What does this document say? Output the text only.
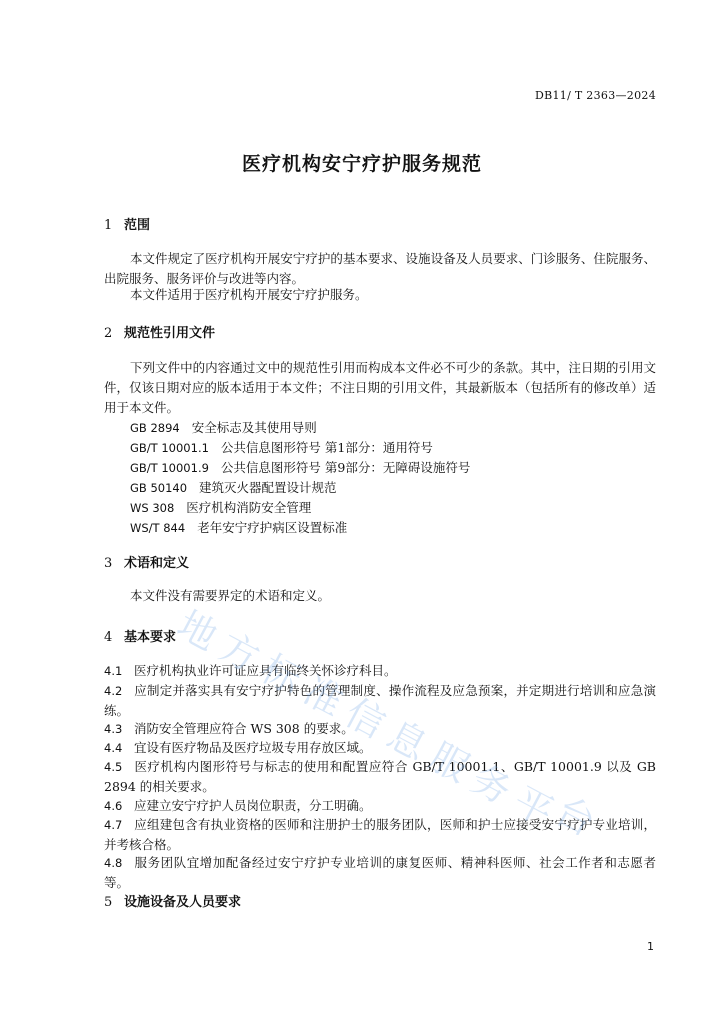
DB11/ T 2363—2024
医疗机构安宁疗护服务规范
1 范围
本文件规定了医疗机构开展安宁疗护的基本要求、设施设备及人员要求、门诊服务、住院服务、出院服务、服务评价与改进等内容。
本文件适用于医疗机构开展安宁疗护服务。
2 规范性引用文件
下列文件中的内容通过文中的规范性引用而构成本文件必不可少的条款。其中，注日期的引用文件，仅该日期对应的版本适用于本文件；不注日期的引用文件，其最新版本（包括所有的修改单）适用于本文件。
GB 2894 安全标志及其使用导则
GB/T 10001.1 公共信息图形符号 第1部分：通用符号
GB/T 10001.9 公共信息图形符号 第9部分：无障碍设施符号
GB 50140 建筑灭火器配置设计规范
WS 308 医疗机构消防安全管理
WS/T 844 老年安宁疗护病区设置标准
3 术语和定义
本文件没有需要界定的术语和定义。
4 基本要求
4.1 医疗机构执业许可证应具有临终关怀诊疗科目。
4.2 应制定并落实具有安宁疗护特色的管理制度、操作流程及应急预案，并定期进行培训和应急演练。
4.3 消防安全管理应符合 WS 308 的要求。
4.4 宜设有医疗物品及医疗垃圾专用存放区域。
4.5 医疗机构内图形符号与标志的使用和配置应符合 GB/T 10001.1、GB/T 10001.9 以及 GB 2894 的相关要求。
4.6 应建立安宁疗护人员岗位职责，分工明确。
4.7 应组建包含有执业资格的医师和注册护士的服务团队，医师和护士应接受安宁疗护专业培训，并考核合格。
4.8 服务团队宜增加配备经过安宁疗护专业培训的康复医师、精神科医师、社会工作者和志愿者等。
5 设施设备及人员要求
地
方
标
准
信
息
服
务
平
台
1
